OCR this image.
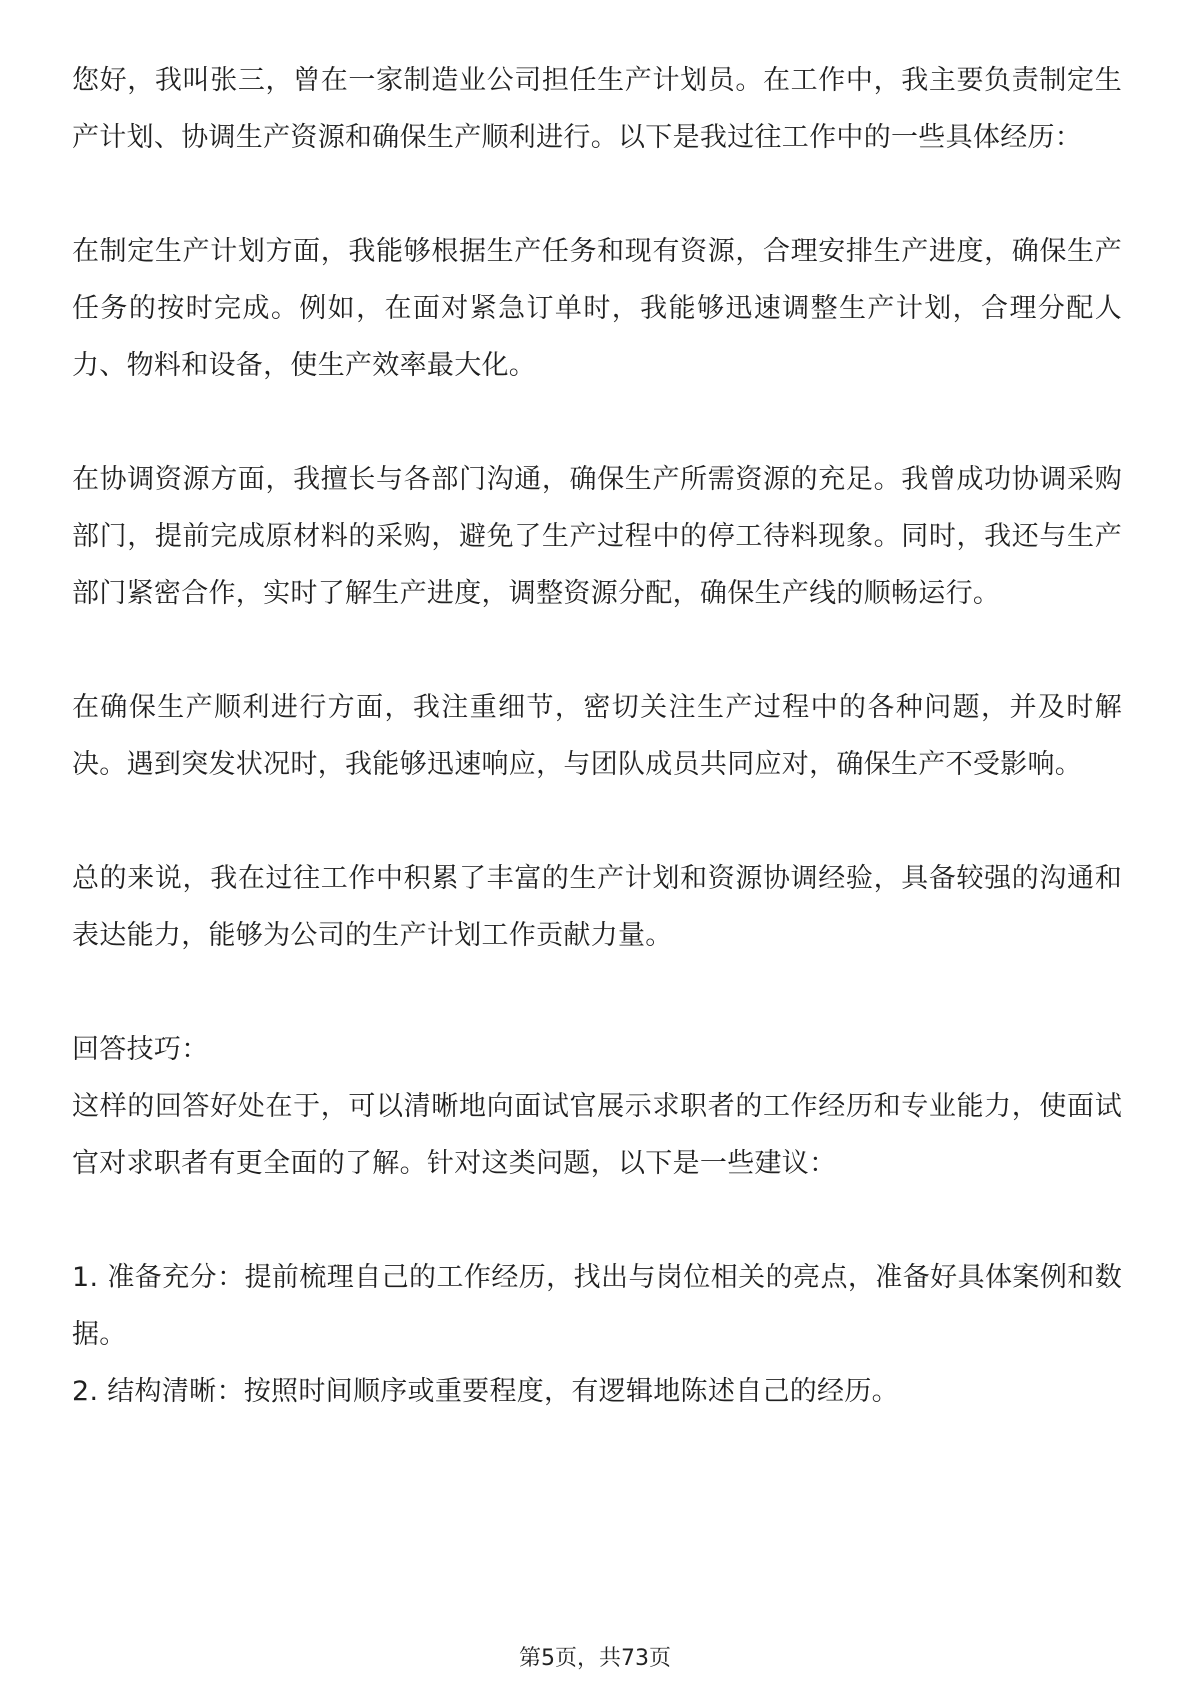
您好，我叫张三，曾在一家制造业公司担任生产计划员。在工作中，我主要负责制定生产计划、协调生产资源和确保生产顺利进行。以下是我过往工作中的一些具体经历：

在制定生产计划方面，我能够根据生产任务和现有资源，合理安排生产进度，确保生产任务的按时完成。例如，在面对紧急订单时，我能够迅速调整生产计划，合理分配人力、物料和设备，使生产效率最大化。

在协调资源方面，我擅长与各部门沟通，确保生产所需资源的充足。我曾成功协调采购部门，提前完成原材料的采购，避免了生产过程中的停工待料现象。同时，我还与生产部门紧密合作，实时了解生产进度，调整资源分配，确保生产线的顺畅运行。

在确保生产顺利进行方面，我注重细节，密切关注生产过程中的各种问题，并及时解决。遇到突发状况时，我能够迅速响应，与团队成员共同应对，确保生产不受影响。

总的来说，我在过往工作中积累了丰富的生产计划和资源协调经验，具备较强的沟通和表达能力，能够为公司的生产计划工作贡献力量。

回答技巧：

这样的回答好处在于，可以清晰地向面试官展示求职者的工作经历和专业能力，使面试官对求职者有更全面的了解。针对这类问题，以下是一些建议：

1. 准备充分：提前梳理自己的工作经历，找出与岗位相关的亮点，准备好具体案例和数据。

2. 结构清晰：按照时间顺序或重要程度，有逻辑地陈述自己的经历。

第5页，共73页
